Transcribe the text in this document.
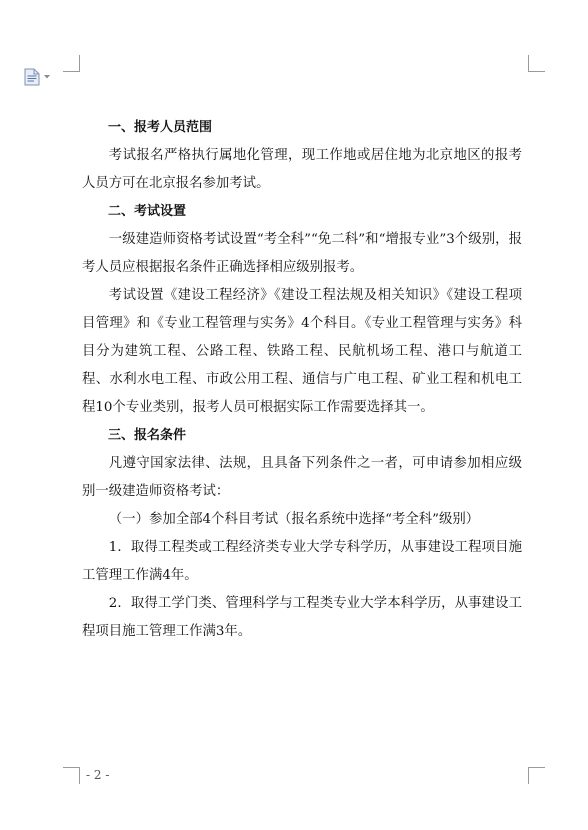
一、报考人员范围

考试报名严格执行属地化管理，现工作地或居住地为北京地区的报考人员方可在北京报名参加考试。

二、考试设置

一级建造师资格考试设置“考全科”“免二科”和“增报专业”3个级别，报考人员应根据报名条件正确选择相应级别报考。

考试设置《建设工程经济》《建设工程法规及相关知识》《建设工程项目管理》和《专业工程管理与实务》4个科目。《专业工程管理与实务》科目分为建筑工程、公路工程、铁路工程、民航机场工程、港口与航道工程、水利水电工程、市政公用工程、通信与广电工程、矿业工程和机电工程10个专业类别，报考人员可根据实际工作需要选择其一。

三、报名条件

凡遵守国家法律、法规，且具备下列条件之一者，可申请参加相应级别一级建造师资格考试：

（一）参加全部4个科目考试（报名系统中选择“考全科”级别）

1．取得工程类或工程经济类专业大学专科学历，从事建设工程项目施工管理工作满4年。

2．取得工学门类、管理科学与工程类专业大学本科学历，从事建设工程项目施工管理工作满3年。

- 2 -
